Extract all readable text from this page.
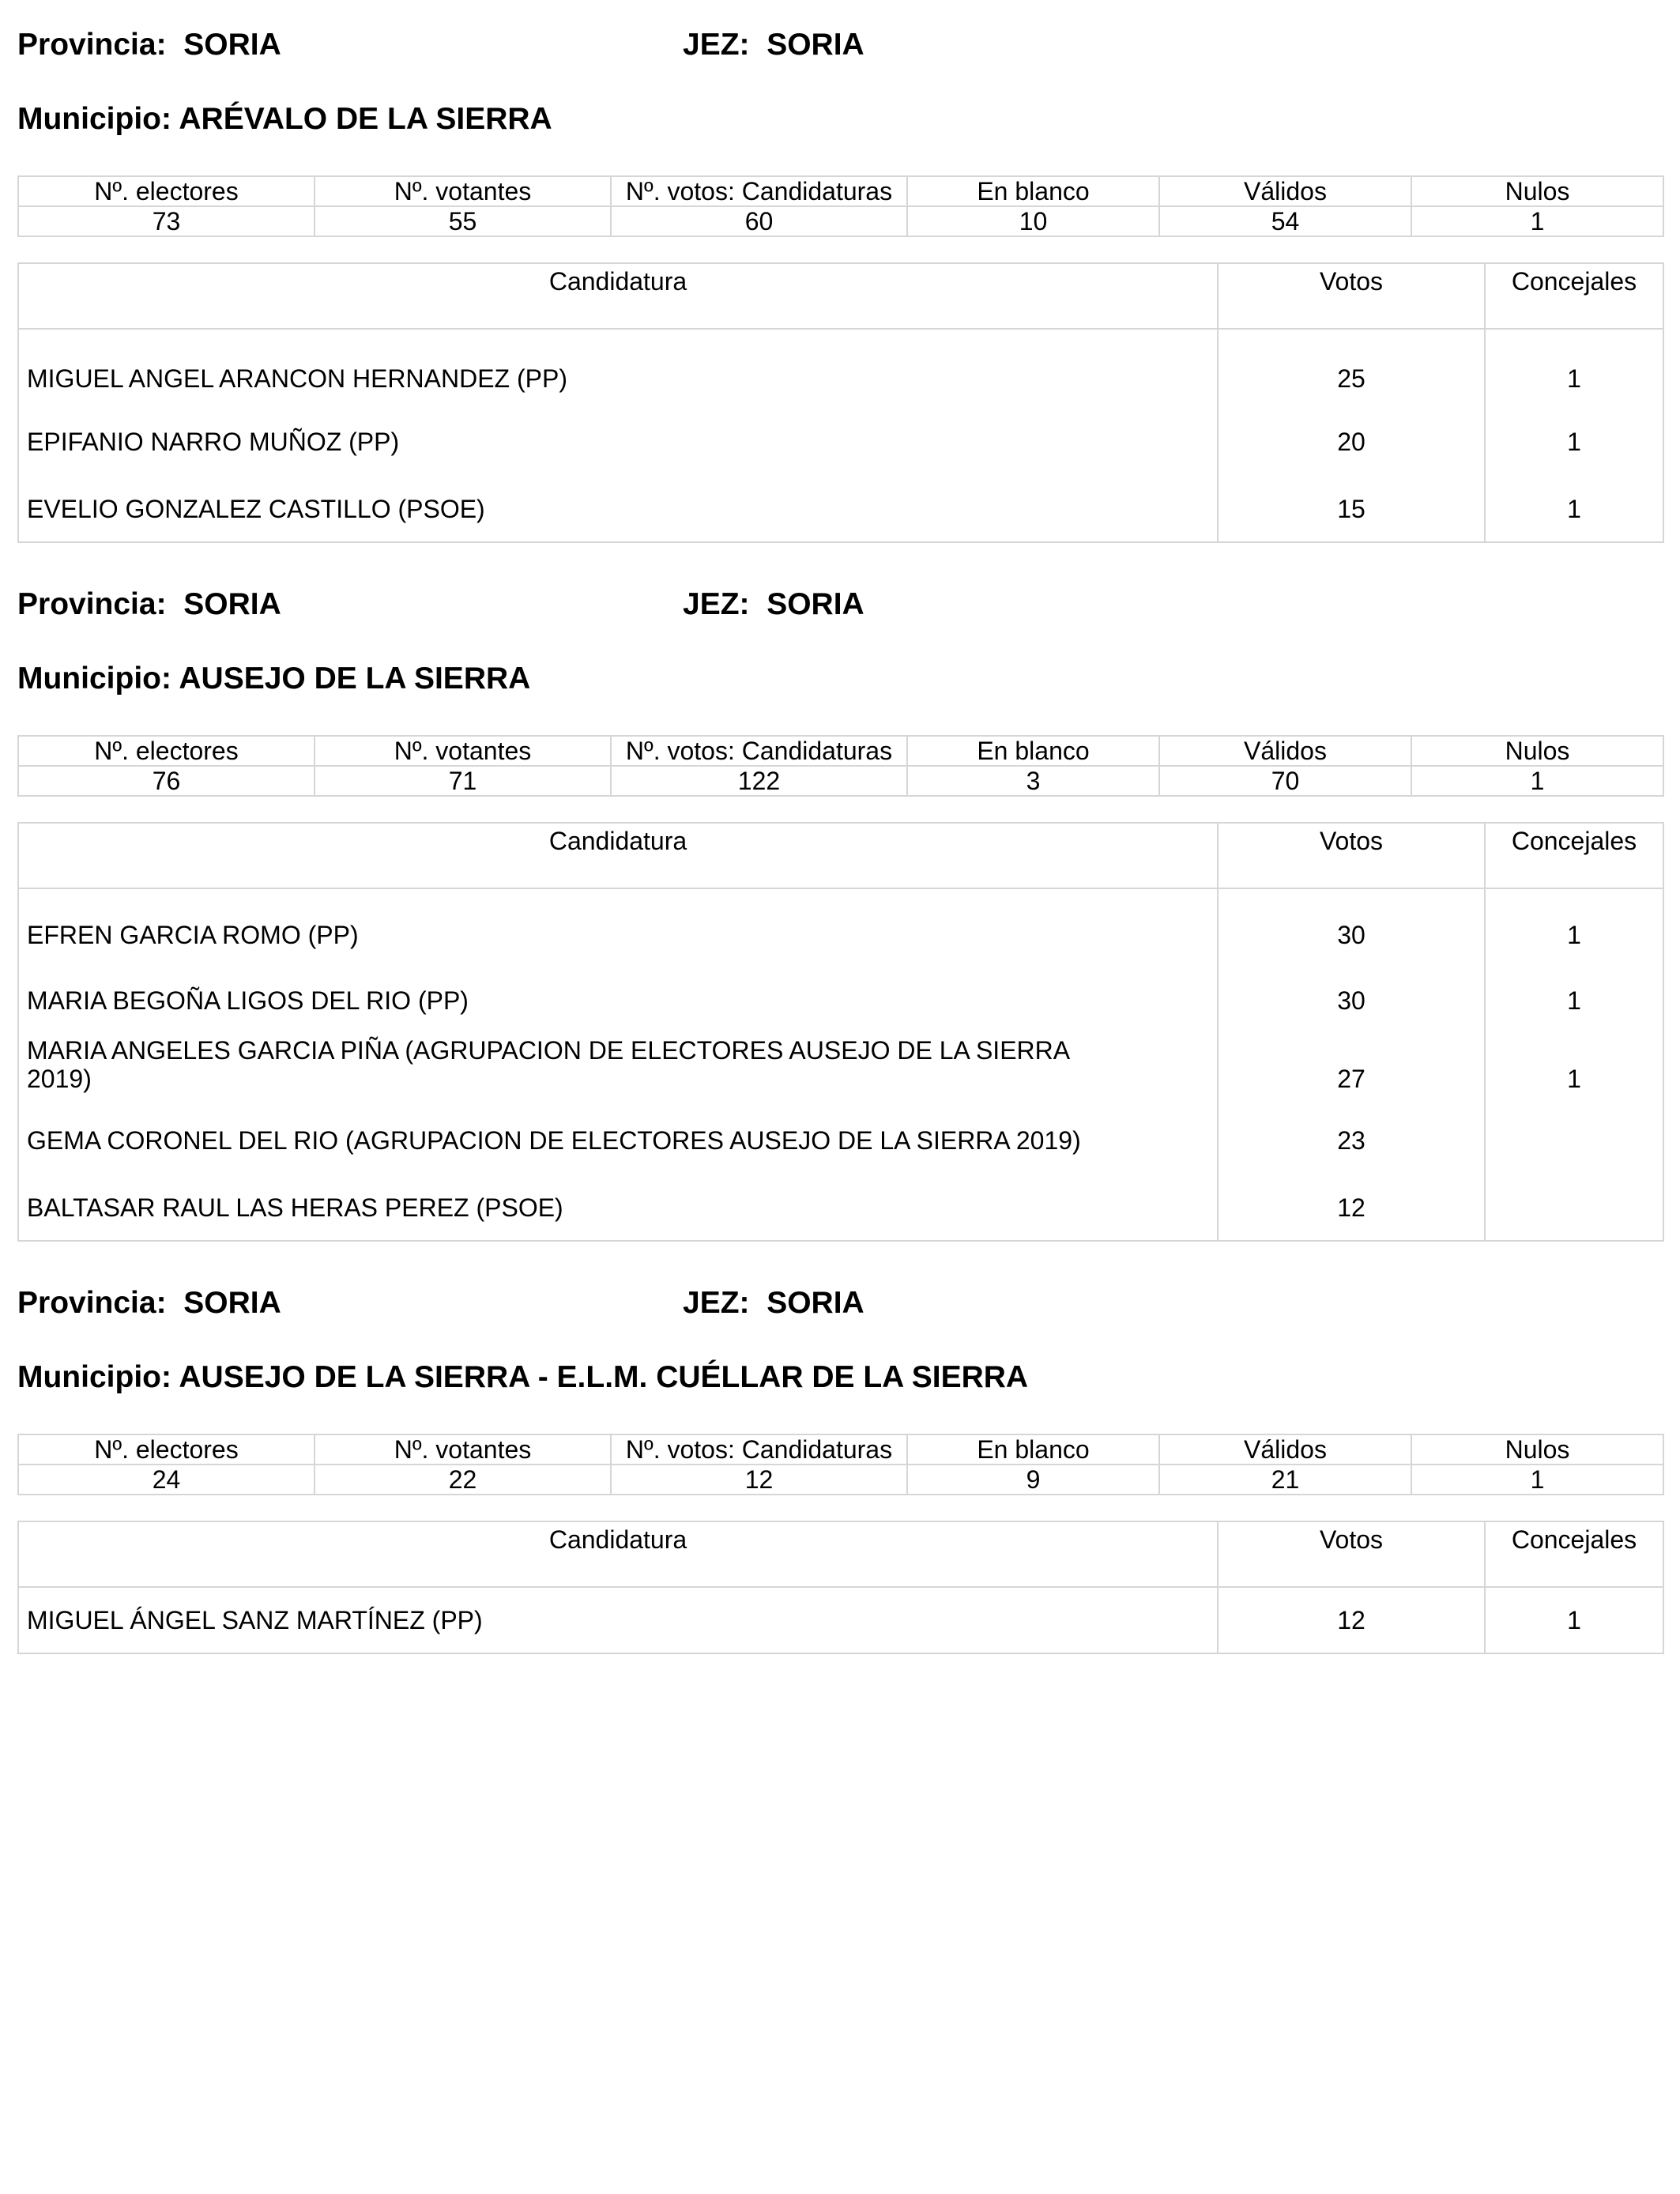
Provincia: SORIA	JEZ: SORIA
Municipio: ARÉVALO DE LA SIERRA
Nº. electores	Nº. votantes	Nº. votos: Candidaturas	En blanco	Válidos	Nulos
73	55	60	10	54	1
Candidatura	Votos	Concejales
MIGUEL ANGEL ARANCON HERNANDEZ (PP)	25	1
EPIFANIO NARRO MUÑOZ (PP)	20	1
EVELIO GONZALEZ CASTILLO (PSOE)	15	1
Provincia: SORIA	JEZ: SORIA
Municipio: AUSEJO DE LA SIERRA
Nº. electores	Nº. votantes	Nº. votos: Candidaturas	En blanco	Válidos	Nulos
76	71	122	3	70	1
Candidatura	Votos	Concejales
EFREN GARCIA ROMO (PP)	30	1
MARIA BEGOÑA LIGOS DEL RIO (PP)	30	1
MARIA ANGELES GARCIA PIÑA (AGRUPACION DE ELECTORES AUSEJO DE LA SIERRA 2019)	27	1
GEMA CORONEL DEL RIO (AGRUPACION DE ELECTORES AUSEJO DE LA SIERRA 2019)	23	
BALTASAR RAUL LAS HERAS PEREZ (PSOE)	12	
Provincia: SORIA	JEZ: SORIA
Municipio: AUSEJO DE LA SIERRA - E.L.M. CUÉLLAR DE LA SIERRA
Nº. electores	Nº. votantes	Nº. votos: Candidaturas	En blanco	Válidos	Nulos
24	22	12	9	21	1
Candidatura	Votos	Concejales
MIGUEL ÁNGEL SANZ MARTÍNEZ (PP)	12	1
